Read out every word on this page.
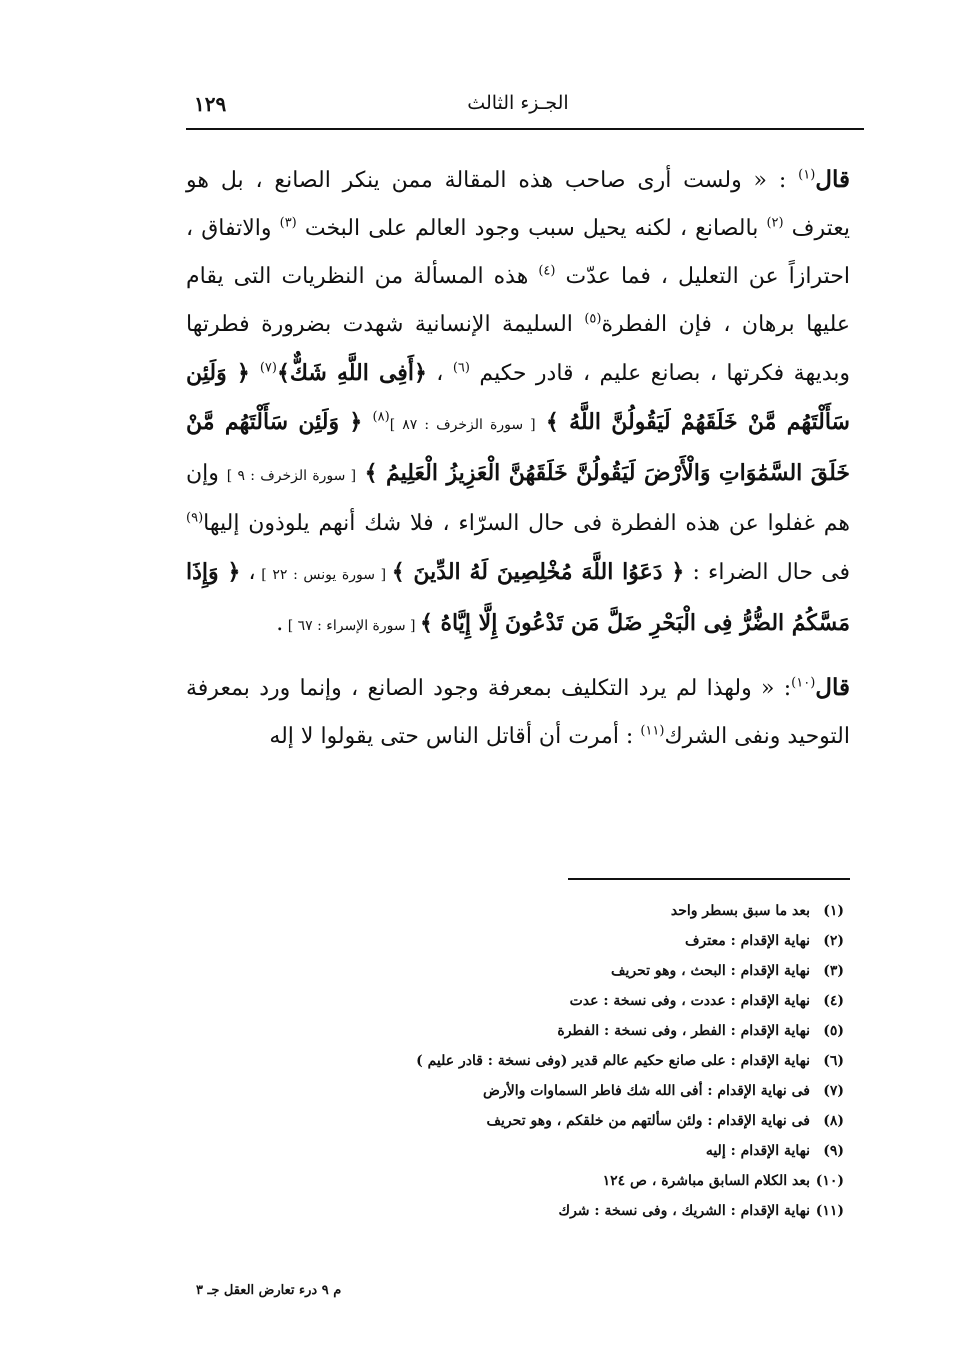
١٢٩	الجـزء الثالث

قال$^{(١)}$ : « ولست أرى صاحب هذه المقالة ممن ينكر الصانع ، بل هو يعترف $^{(٢)}$ بالصانع ، لكنه يحيل سبب وجود العالم على البخت $^{(٣)}$ والاتفاق ، احترازاً عن التعليل ، فما عدّت $^{(٤)}$ هذه المسألة من النظريات التى يقام عليها برهان ، فإن الفطرة$^{(٥)}$ السليمة الإنسانية شهدت بضرورة فطرتها وبديهة فكرتها ، بصانع عليم ، قادر حكيم $^{(٦)}$ ، ﴿أَفِى اللَّهِ شَكٌّ﴾$^{(٧)}$ ﴿ وَلَئِن سَأَلْتَهُم مَّنْ خَلَقَهُمْ لَيَقُولُنَّ اللَّهُ ﴾ [ سورة الزخرف : ٨٧ ]$^{(٨)}$ ﴿ وَلَئِن سَأَلْتَهُم مَّنْ خَلَقَ السَّمَٰوَاتِ وَالْأَرْضَ لَيَقُولُنَّ خَلَقَهُنَّ الْعَزِيزُ الْعَلِيمُ ﴾ [ سورة الزخرف : ٩ ] وإن هم غفلوا عن هذه الفطرة فى حال السرّاء ، فلا شك أنهم يلوذون إليها$^{(٩)}$ فى حال الضراء : ﴿ دَعَوُا اللَّهَ مُخْلِصِينَ لَهُ الدِّينَ ﴾ [ سورة يونس : ٢٢ ] ، ﴿ وَإِذَا مَسَّكُمُ الضُّرُّ فِى الْبَحْرِ ضَلَّ مَن تَدْعُونَ إِلَّا إِيَّاهُ ﴾ [ سورة الإسراء : ٦٧ ] .

قال$^{(١٠)}$: « ولهذا لم يرد التكليف بمعرفة وجود الصانع ، وإنما ورد بمعرفة التوحيد ونفى الشرك$^{(١١)}$ : أمرت أن أقاتل الناس حتى يقولوا لا إله

(١)بعد ما سبق بسطر واحد
(٢)نهاية الإقدام : معترف
(٣)نهاية الإقدام : البحث ، وهو تحريف
(٤)نهاية الإقدام : عددت ، وفى نسخة : عدت
(٥)نهاية الإقدام : الفطر ، وفى نسخة : الفطرة
(٦)نهاية الإقدام : على صانع حكيم عالم قدير (وفى نسخة : قادر عليم )
(٧)فى نهاية الإقدام : أفى الله شك فاطر السماوات والأرض
(٨)فى نهاية الإقدام : ولئن سألتهم من خلقكم ، وهو تحريف
(٩)نهاية الإقدام : إليه
(١٠)بعد الكلام السابق مباشرة ، ص ١٢٤
(١١)نهاية الإقدام : الشريك ، وفى نسخة : شرك
م ٩ درء تعارض العقل جـ ٣
